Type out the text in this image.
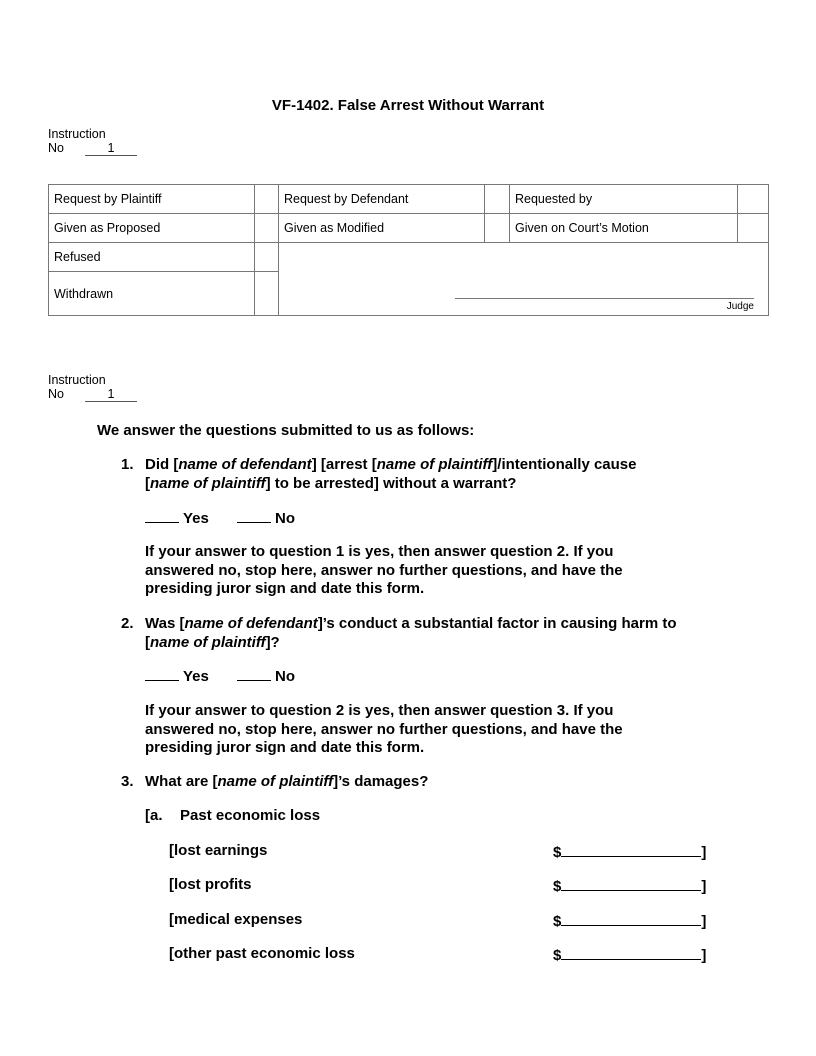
VF-1402. False Arrest Without Warrant
Instruction
No	1
Request by Plaintiff		Request by Defendant		Requested by	
Given as Proposed		Given as Modified		Given on Court’s Motion	
Refused		Judge			

Withdrawn					
Instruction
No	1
We answer the questions submitted to us as follows:
1. Did [name of defendant] [arrest [name of plaintiff]/intentionally cause
[name of plaintiff] to be arrested] without a warrant?
Yes	No
If your answer to question 1 is yes, then answer question 2. If you
answered no, stop here, answer no further questions, and have the
presiding juror sign and date this form.
2. Was [name of defendant]’s conduct a substantial factor in causing harm to
[name of plaintiff]?
Yes	No
If your answer to question 2 is yes, then answer question 3. If you
answered no, stop here, answer no further questions, and have the
presiding juror sign and date this form.
3. What are [name of plaintiff]’s damages?
[a. Past economic loss
[lost earnings	$	]
[lost profits	$	]
[medical expenses	$	]
[other past economic loss	$	]
